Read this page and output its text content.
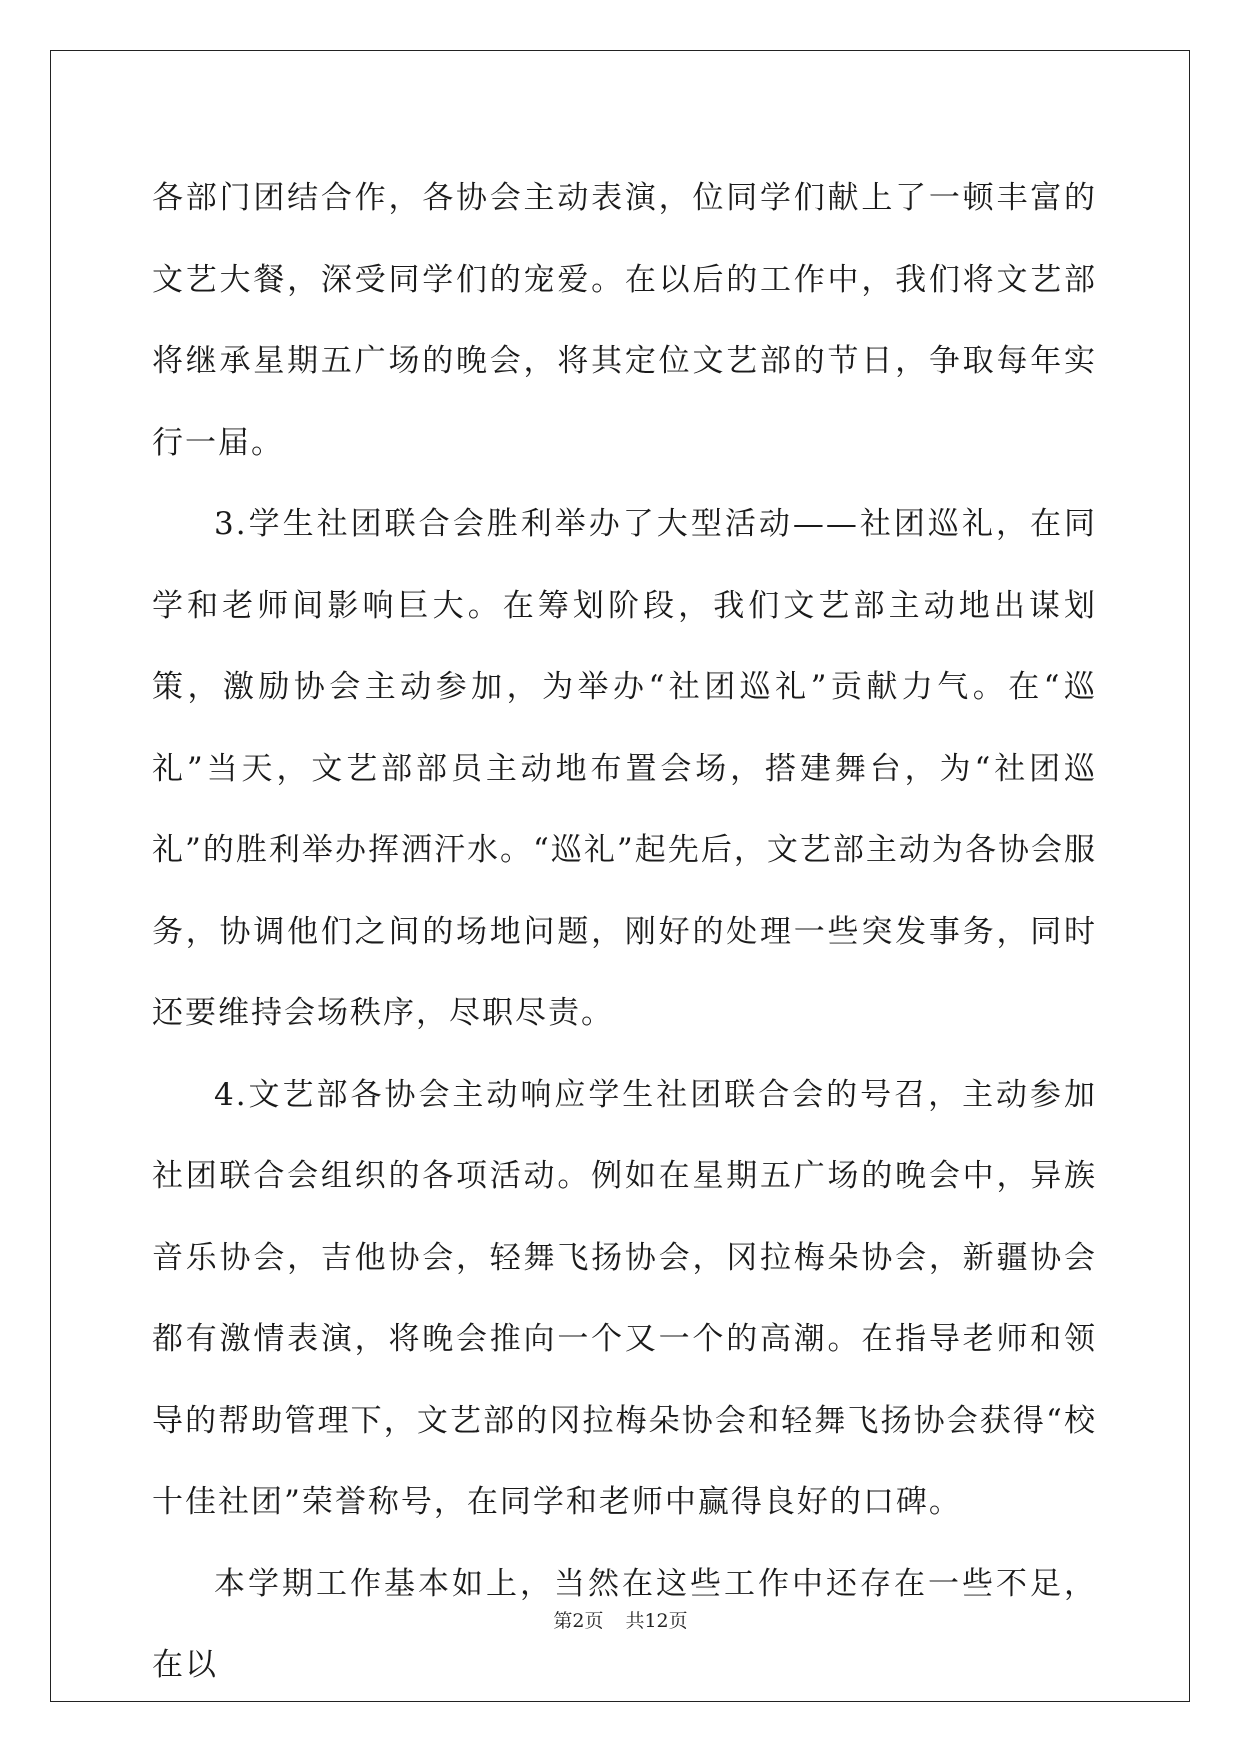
各部门团结合作，各协会主动表演，位同学们献上了一顿丰富的文艺大餐，深受同学们的宠爱。在以后的工作中，我们将文艺部将继承星期五广场的晚会，将其定位文艺部的节日，争取每年实行一届。

3.学生社团联合会胜利举办了大型活动——社团巡礼，在同学和老师间影响巨大。在筹划阶段，我们文艺部主动地出谋划策，激励协会主动参加，为举办“社团巡礼”贡献力气。在“巡礼”当天，文艺部部员主动地布置会场，搭建舞台，为“社团巡礼”的胜利举办挥洒汗水。“巡礼”起先后，文艺部主动为各协会服务，协调他们之间的场地问题，刚好的处理一些突发事务，同时还要维持会场秩序，尽职尽责。

4.文艺部各协会主动响应学生社团联合会的号召，主动参加社团联合会组织的各项活动。例如在星期五广场的晚会中，异族音乐协会，吉他协会，轻舞飞扬协会，冈拉梅朵协会，新疆协会都有激情表演，将晚会推向一个又一个的高潮。在指导老师和领导的帮助管理下，文艺部的冈拉梅朵协会和轻舞飞扬协会获得“校十佳社团”荣誉称号，在同学和老师中赢得良好的口碑。

本学期工作基本如上，当然在这些工作中还存在一些不足，在以

第2页 共12页
